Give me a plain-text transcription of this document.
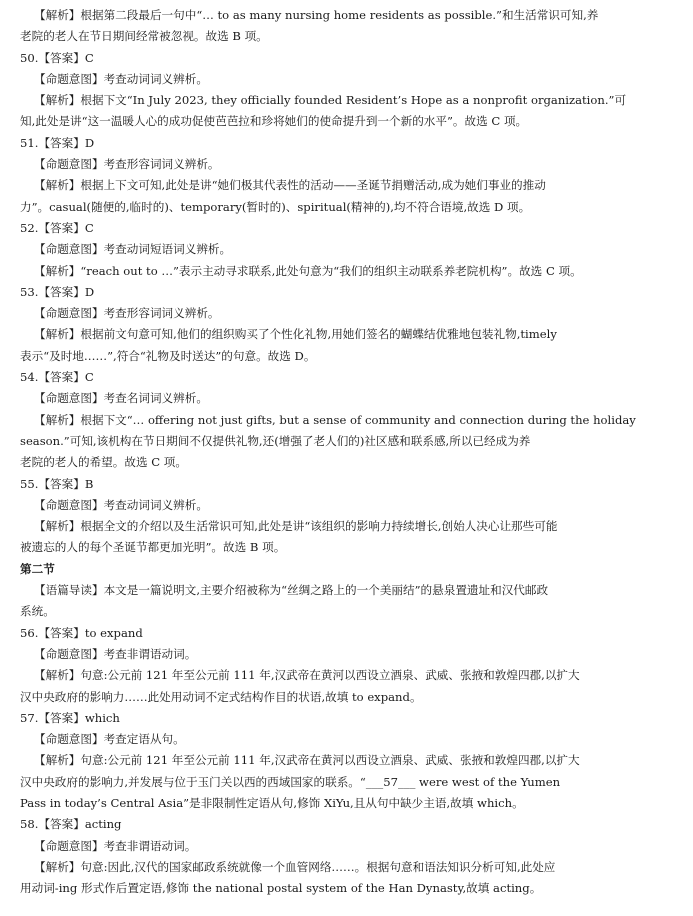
【解析】根据第二段最后一句中“… to as many nursing home residents as possible.”和生活常识可知,养
老院的老人在节日期间经常被忽视。故选 B 项。
50.【答案】C
【命题意图】考查动词词义辨析。
【解析】根据下文“In July 2023, they officially founded Resident’s Hope as a nonprofit organization.”可
知,此处是讲“这一温暖人心的成功促使芭芭拉和珍将她们的使命提升到一个新的水平”。故选 C 项。
51.【答案】D
【命题意图】考查形容词词义辨析。
【解析】根据上下文可知,此处是讲“她们极其代表性的活动——圣诞节捐赠活动,成为她们事业的推动
力”。casual(随便的,临时的)、temporary(暂时的)、spiritual(精神的),均不符合语境,故选 D 项。
52.【答案】C
【命题意图】考查动词短语词义辨析。
【解析】“reach out to …”表示主动寻求联系,此处句意为“我们的组织主动联系养老院机构”。故选 C 项。
53.【答案】D
【命题意图】考查形容词词义辨析。
【解析】根据前文句意可知,他们的组织购买了个性化礼物,用她们签名的蝴蝶结优雅地包装礼物,timely
表示“及时地……”,符合“礼物及时送达”的句意。故选 D。
54.【答案】C
【命题意图】考查名词词义辨析。
【解析】根据下文“… offering not just gifts, but a sense of community and connection during the holiday
season.”可知,该机构在节日期间不仅提供礼物,还(增强了老人们的)社区感和联系感,所以已经成为养
老院的老人的希望。故选 C 项。
55.【答案】B
【命题意图】考查动词词义辨析。
【解析】根据全文的介绍以及生活常识可知,此处是讲“该组织的影响力持续增长,创始人决心让那些可能
被遗忘的人的每个圣诞节都更加光明”。故选 B 项。
第二节
【语篇导读】本文是一篇说明文,主要介绍被称为“丝绸之路上的一个美丽结”的悬泉置遗址和汉代邮政
系统。
56.【答案】to expand
【命题意图】考查非谓语动词。
【解析】句意:公元前 121 年至公元前 111 年,汉武帝在黄河以西设立酒泉、武威、张掖和敦煌四郡,以扩大
汉中央政府的影响力……此处用动词不定式结构作目的状语,故填 to expand。
57.【答案】which
【命题意图】考查定语从句。
【解析】句意:公元前 121 年至公元前 111 年,汉武帝在黄河以西设立酒泉、武威、张掖和敦煌四郡,以扩大
汉中央政府的影响力,并发展与位于玉门关以西的西域国家的联系。“___57___ were west of the Yumen
Pass in today’s Central Asia”是非限制性定语从句,修饰 XiYu,且从句中缺少主语,故填 which。
58.【答案】acting
【命题意图】考查非谓语动词。
【解析】句意:因此,汉代的国家邮政系统就像一个血管网络……。根据句意和语法知识分析可知,此处应
用动词-ing 形式作后置定语,修饰 the national postal system of the Han Dynasty,故填 acting。
